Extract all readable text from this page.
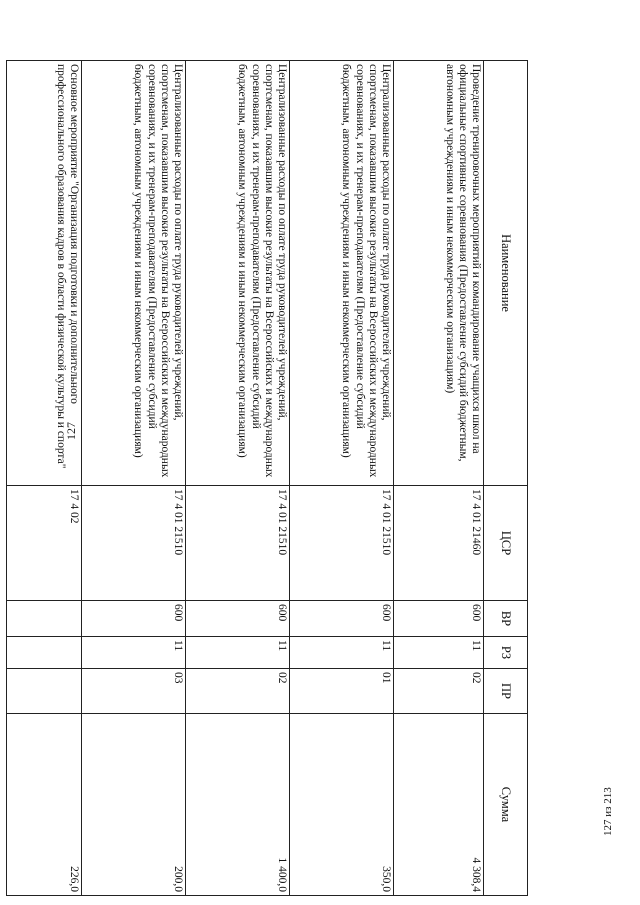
127
Наименование	ЦСР	ВР	РЗ	ПР	Сумма
Проведение тренировочных мероприятий и командирование учащихся школ на официальные спортивные соревнования (Предоставление субсидий бюджетным, автономным учреждениям и иным некоммерческим организациям)	17 4 01 21460	600	11	02	4 308,4
Централизованные расходы по оплате труда руководителей учреждений, спортсменам, показавшим высокие результаты на Всероссийских и международных соревнованиях, и их тренерам-преподавателям (Предоставление субсидий бюджетным, автономным учреждениям и иным некоммерческим организациям)	17 4 01 21510	600	11	01	350,0
Централизованные расходы по оплате труда руководителей учреждений, спортсменам, показавшим высокие результаты на Всероссийских и международных соревнованиях, и их тренерам-преподавателям (Предоставление субсидий бюджетным, автономным учреждениям и иным некоммерческим организациям)	17 4 01 21510	600	11	02	1 400,0
Централизованные расходы по оплате труда руководителей учреждений, спортсменам, показавшим высокие результаты на Всероссийских и международных соревнованиях, и их тренерам-преподавателям (Предоставление субсидий бюджетным, автономным учреждениям и иным некоммерческим организациям)	17 4 01 21510	600	11	03	200,0
Основное мероприятие "Организация подготовки и дополнительного профессионального образования кадров в области физической культуры и спорта"	17 4 02				226,0
127 из 213
